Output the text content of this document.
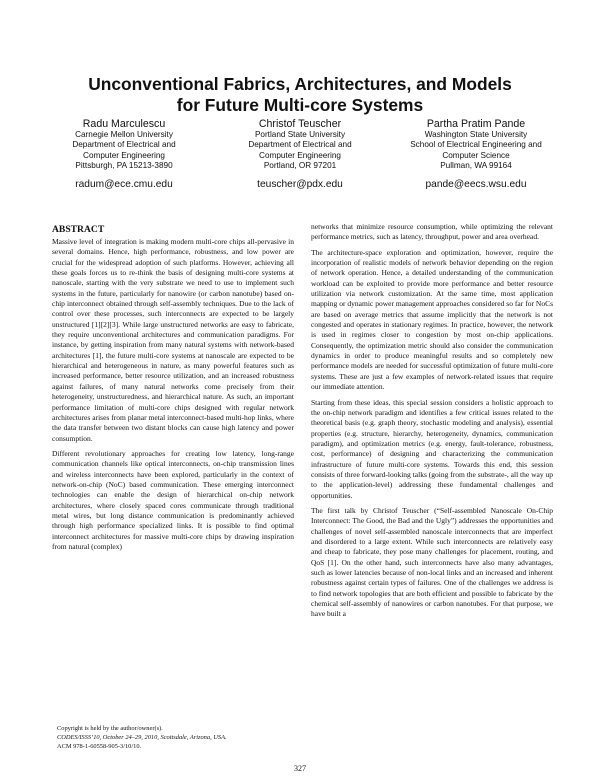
Unconventional Fabrics, Architectures, and Models
for Future Multi-core Systems
Radu Marculescu
Carnegie Mellon University
Department of Electrical and
Computer Engineering
Pittsburgh, PA 15213-3890
radum@ece.cmu.edu
Christof Teuscher
Portland State University
Department of Electrical and
Computer Engineering
Portland, OR 97201
teuscher@pdx.edu
Partha Pratim Pande
Washington State University
School of Electrical Engineering and
Computer Science
Pullman, WA 99164
pande@eecs.wsu.edu
ABSTRACT

Massive level of integration is making modern multi-core chips all-pervasive in several domains. Hence, high performance, robustness, and low power are crucial for the widespread adoption of such platforms. However, achieving all these goals forces us to re-think the basis of designing multi-core systems at nanoscale, starting with the very substrate we need to use to implement such systems in the future, particularly for nanowire (or carbon nanotube) based on-chip interconnect obtained through self-assembly techniques. Due to the lack of control over these processes, such interconnects are expected to be largely unstructured [1][2][3]. While large unstructured networks are easy to fabricate, they require unconventional architectures and communication paradigms. For instance, by getting inspiration from many natural systems with network-based architectures [1], the future multi-core systems at nanoscale are expected to be hierarchical and heterogeneous in nature, as many powerful features such as increased performance, better resource utilization, and an increased robustness against failures, of many natural networks come precisely from their heterogeneity, unstructuredness, and hierarchical nature. As such, an important performance limitation of multi-core chips designed with regular network architectures arises from planar metal interconnect-based multi-hop links, where the data transfer between two distant blocks can cause high latency and power consumption.

Different revolutionary approaches for creating low latency, long-range communication channels like optical interconnects, on-chip transmission lines and wireless interconnects have been explored, particularly in the context of network-on-chip (NoC) based communication. These emerging interconnect technologies can enable the design of hierarchical on-chip network architectures, where closely spaced cores communicate through traditional metal wires, but long distance communication is predominantly achieved through high performance specialized links. It is possible to find optimal interconnect architectures for massive multi-core chips by drawing inspiration from natural (complex)

networks that minimize resource consumption, while optimizing the relevant performance metrics, such as latency, throughput, power and area overhead.

The architecture-space exploration and optimization, however, require the incorporation of realistic models of network behavior depending on the region of network operation. Hence, a detailed understanding of the communication workload can be exploited to provide more performance and better resource utilization via network customization. At the same time, most application mapping or dynamic power management approaches considered so far for NoCs are based on average metrics that assume implicitly that the network is not congested and operates in stationary regimes. In practice, however, the network is used in regimes closer to congestion by most on-chip applications. Consequently, the optimization metric should also consider the communication dynamics in order to produce meaningful results and so completely new performance models are needed for successful optimization of future multi-core systems. These are just a few examples of network-related issues that require our immediate attention.

Starting from these ideas, this special session considers a holistic approach to the on-chip network paradigm and identifies a few critical issues related to the theoretical basis (e.g. graph theory, stochastic modeling and analysis), essential properties (e.g. structure, hierarchy, heterogeneity, dynamics, communication paradigm), and optimization metrics (e.g. energy, fault-tolerance, robustness, cost, performance) of designing and characterizing the communication infrastructure of future multi-core systems. Towards this end, this session consists of three forward-looking talks (going from the substrate-, all the way up to the application-level) addressing these fundamental challenges and opportunities.

The first talk by Christof Teuscher (“Self-assembled Nanoscale On-Chip Interconnect: The Good, the Bad and the Ugly”) addresses the opportunities and challenges of novel self-assembled nanoscale interconnects that are imperfect and disordered to a large extent. While such interconnects are relatively easy and cheap to fabricate, they pose many challenges for placement, routing, and QoS [1]. On the other hand, such interconnects have also many advantages, such as lower latencies because of non-local links and an increased and inherent robustness against certain types of failures. One of the challenges we address is to find network topologies that are both efficient and possible to fabricate by the chemical self-assembly of nanowires or carbon nanotubes. For that purpose, we have built a

Copyright is held by the author/owner(s).
CODES/ISSS’10, October 24–29, 2010, Scottsdale, Arizona, USA.
ACM 978-1-60558-905-3/10/10.
327
